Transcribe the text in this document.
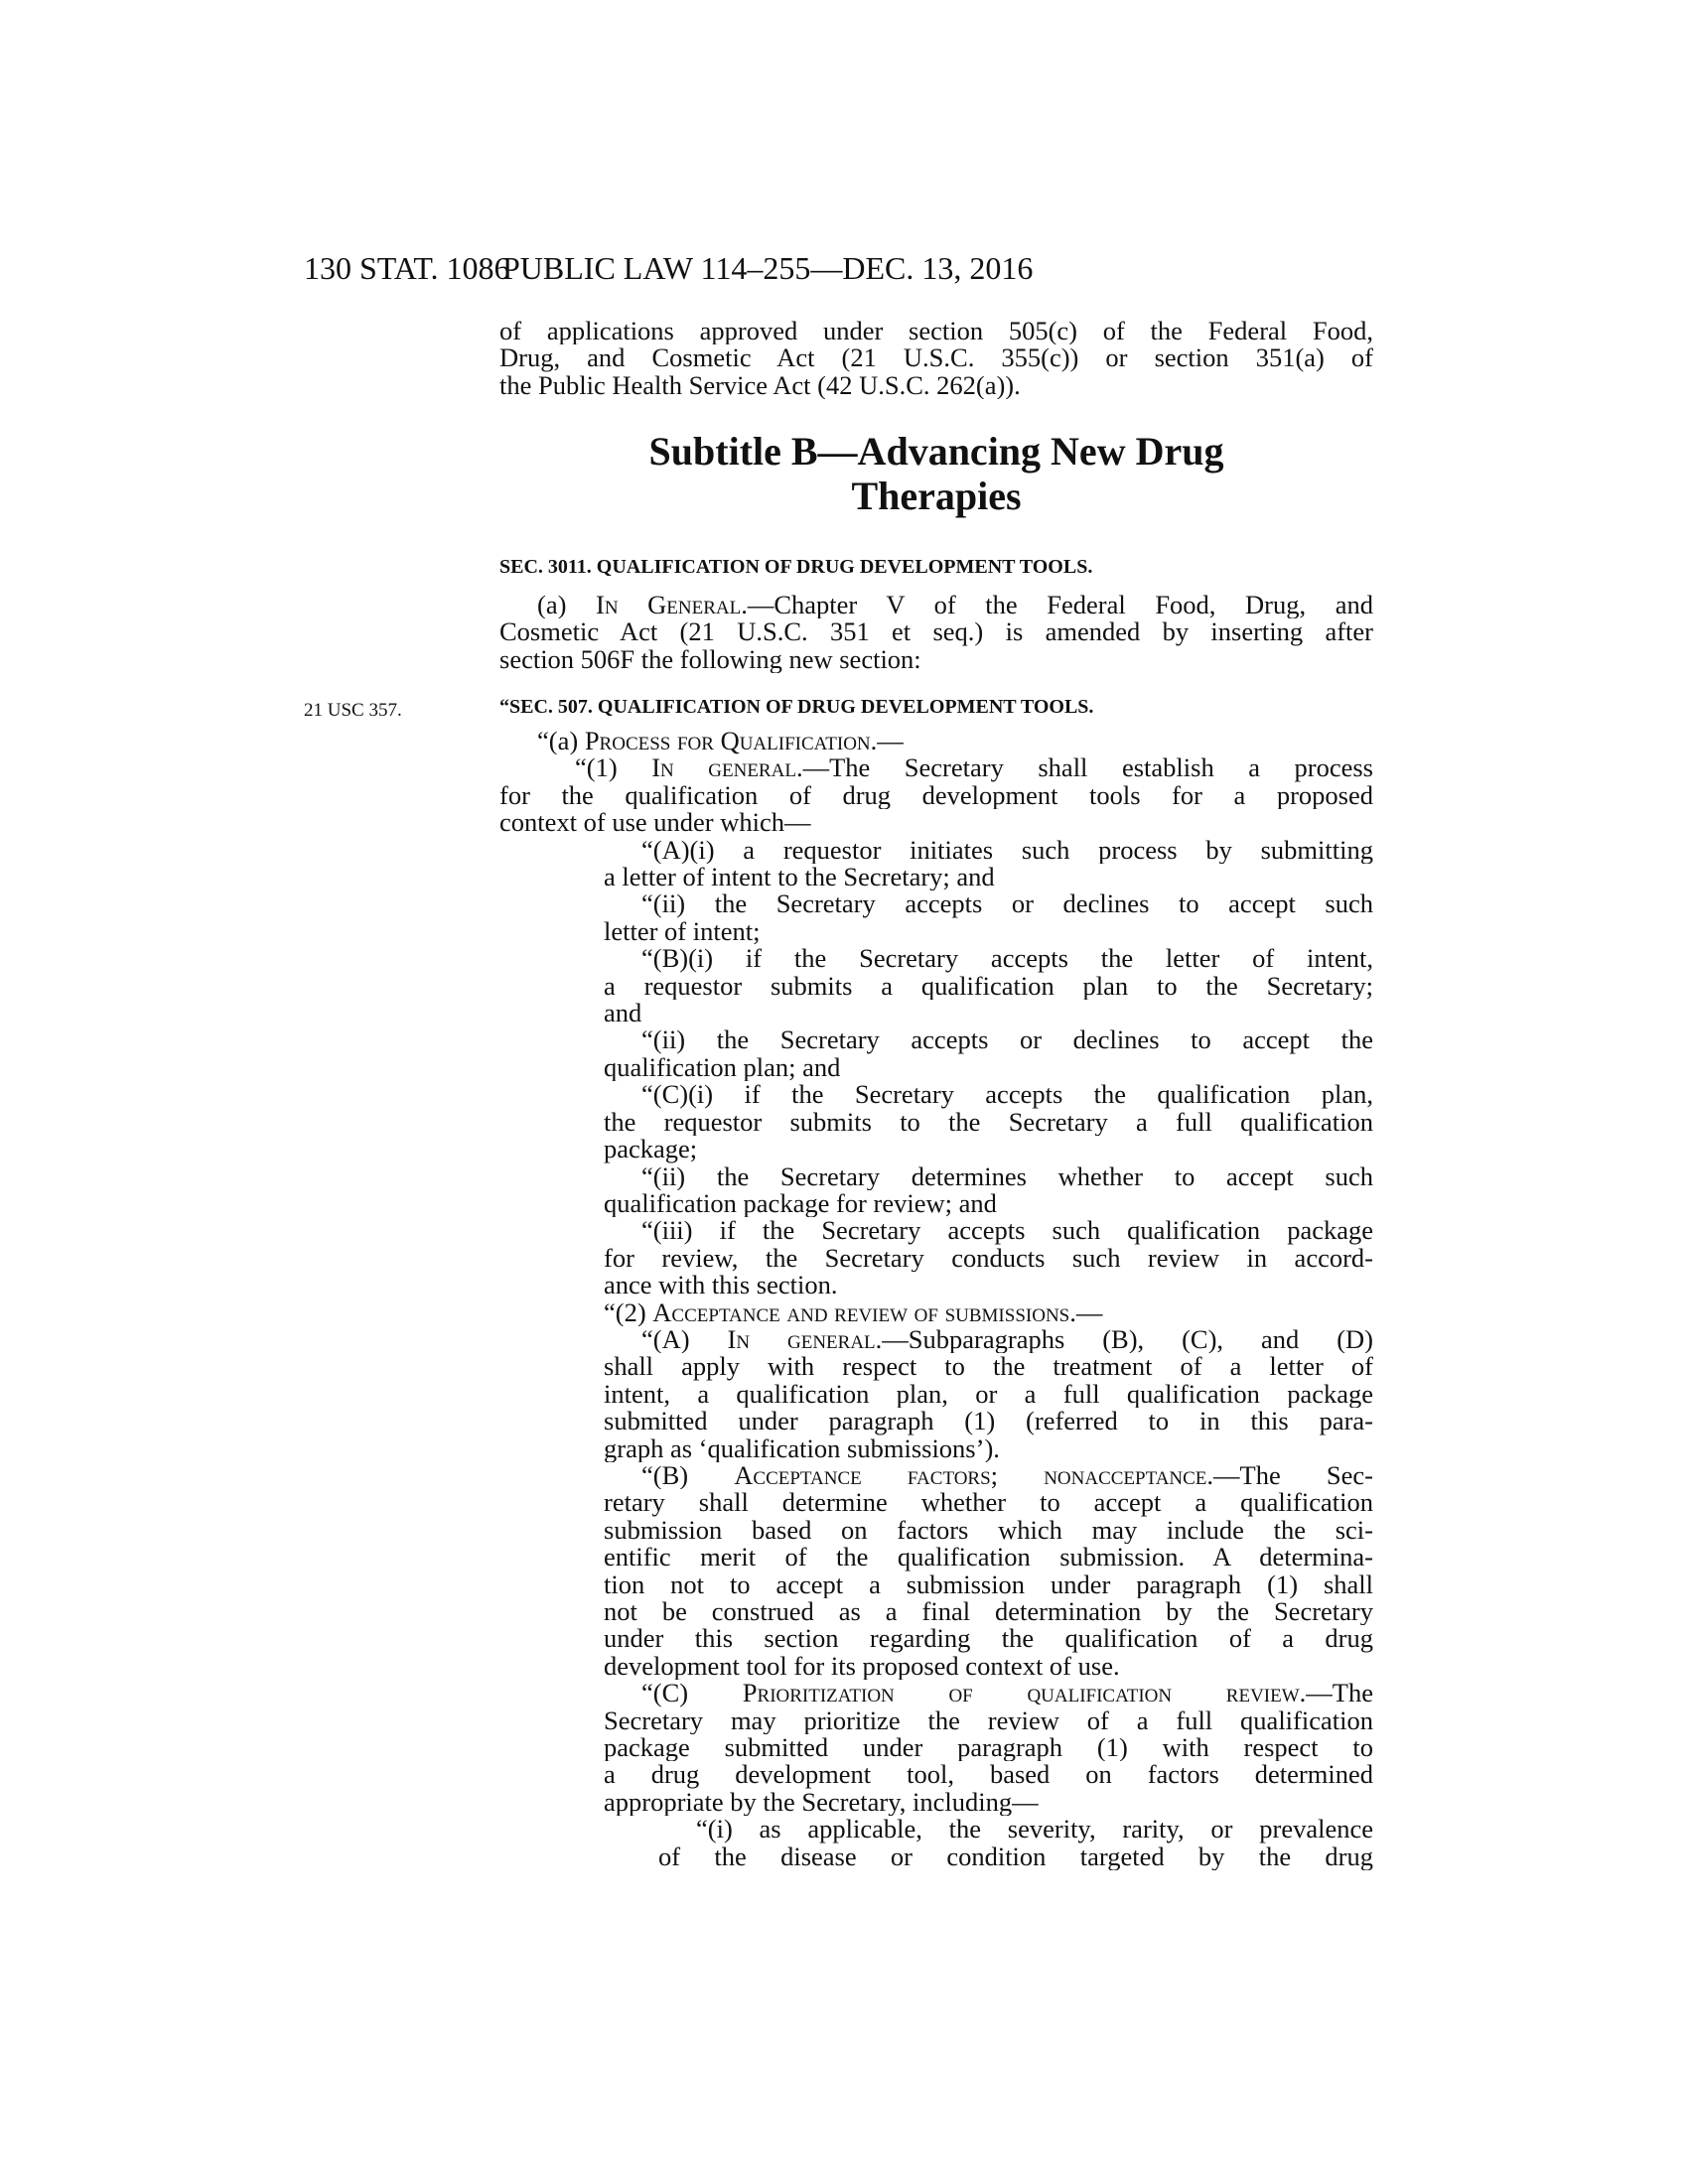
130 STAT. 1086
PUBLIC LAW 114–255—DEC. 13, 2016
of applications approved under section 505(c) of the Federal Food,
Drug, and Cosmetic Act (21 U.S.C. 355(c)) or section 351(a) of
the Public Health Service Act (42 U.S.C. 262(a)).
Subtitle B—Advancing New Drug
Therapies
SEC. 3011. QUALIFICATION OF DRUG DEVELOPMENT TOOLS.
(a) In General.—Chapter V of the Federal Food, Drug, and
Cosmetic Act (21 U.S.C. 351 et seq.) is amended by inserting after
section 506F the following new section:
21 USC 357.	“SEC. 507. QUALIFICATION OF DRUG DEVELOPMENT TOOLS.
“(a) Process for Qualification.—
“(1) In general.—The Secretary shall establish a process
for the qualification of drug development tools for a proposed
context of use under which—
“(A)(i) a requestor initiates such process by submitting
a letter of intent to the Secretary; and
“(ii) the Secretary accepts or declines to accept such
letter of intent;
“(B)(i) if the Secretary accepts the letter of intent,
a requestor submits a qualification plan to the Secretary;
and
“(ii) the Secretary accepts or declines to accept the
qualification plan; and
“(C)(i) if the Secretary accepts the qualification plan,
the requestor submits to the Secretary a full qualification
package;
“(ii) the Secretary determines whether to accept such
qualification package for review; and
“(iii) if the Secretary accepts such qualification package
for review, the Secretary conducts such review in accord-
ance with this section.
“(2) Acceptance and review of submissions.—
“(A) In general.—Subparagraphs (B), (C), and (D)
shall apply with respect to the treatment of a letter of
intent, a qualification plan, or a full qualification package
submitted under paragraph (1) (referred to in this para-
graph as ‘qualification submissions’).
“(B) Acceptance factors; nonacceptance.—The Sec-
retary shall determine whether to accept a qualification
submission based on factors which may include the sci-
entific merit of the qualification submission. A determina-
tion not to accept a submission under paragraph (1) shall
not be construed as a final determination by the Secretary
under this section regarding the qualification of a drug
development tool for its proposed context of use.
“(C) Prioritization of qualification review.—The
Secretary may prioritize the review of a full qualification
package submitted under paragraph (1) with respect to
a drug development tool, based on factors determined
appropriate by the Secretary, including—
“(i) as applicable, the severity, rarity, or prevalence
of the disease or condition targeted by the drug
